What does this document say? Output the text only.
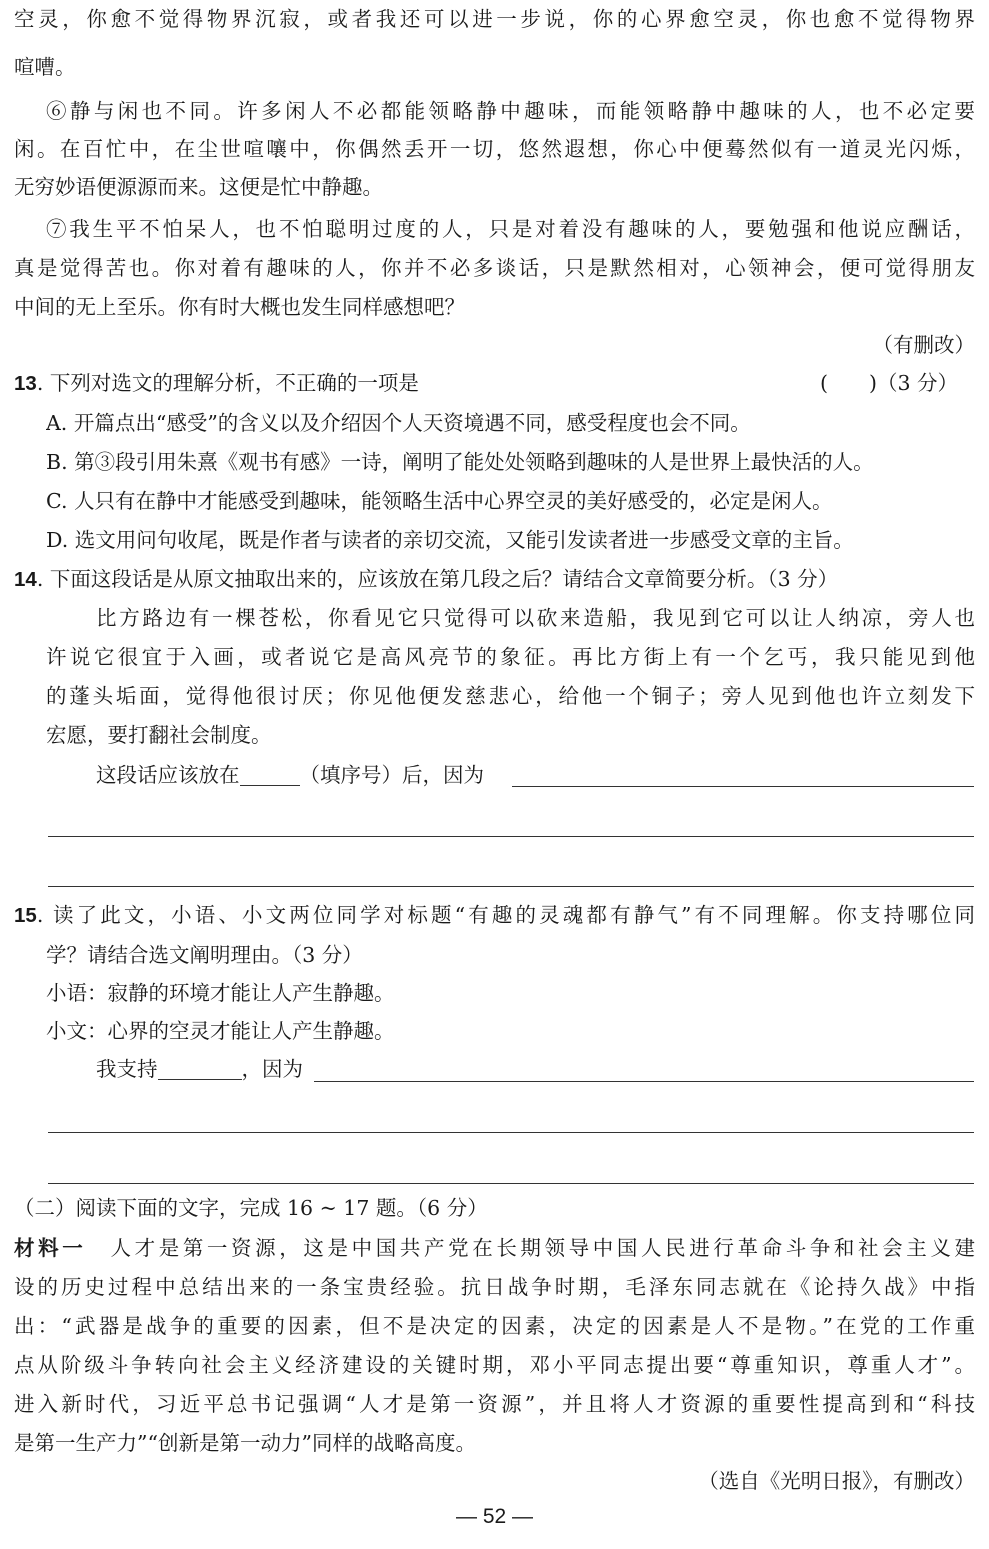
空灵，你愈不觉得物界沉寂，或者我还可以进一步说，你的心界愈空灵，你也愈不觉得物界
喧嘈。
⑥静与闲也不同。许多闲人不必都能领略静中趣味，而能领略静中趣味的人，也不必定要
闲。在百忙中，在尘世喧嚷中，你偶然丢开一切，悠然遐想，你心中便蓦然似有一道灵光闪烁，
无穷妙语便源源而来。这便是忙中静趣。
⑦我生平不怕呆人，也不怕聪明过度的人，只是对着没有趣味的人，要勉强和他说应酬话，
真是觉得苦也。你对着有趣味的人，你并不必多谈话，只是默然相对，心领神会，便可觉得朋友
中间的无上至乐。你有时大概也发生同样感想吧？
（有删改）
13. 下列对选文的理解分析，不正确的一项是	(　　)（3 分）
A. 开篇点出“感受”的含义以及介绍因个人天资境遇不同，感受程度也会不同。
B. 第③段引用朱熹《观书有感》一诗，阐明了能处处领略到趣味的人是世界上最快活的人。
C. 人只有在静中才能感受到趣味，能领略生活中心界空灵的美好感受的，必定是闲人。
D. 选文用问句收尾，既是作者与读者的亲切交流，又能引发读者进一步感受文章的主旨。
14. 下面这段话是从原文抽取出来的，应该放在第几段之后？请结合文章简要分析。（3 分）
比方路边有一棵苍松，你看见它只觉得可以砍来造船，我见到它可以让人纳凉，旁人也
许说它很宜于入画，或者说它是高风亮节的象征。再比方街上有一个乞丐，我只能见到他
的蓬头垢面，觉得他很讨厌；你见他便发慈悲心，给他一个铜子；旁人见到他也许立刻发下
宏愿，要打翻社会制度。
这段话应该放在	（填序号）后，因为
15. 读了此文，小语、小文两位同学对标题“有趣的灵魂都有静气”有不同理解。你支持哪位同
学？请结合选文阐明理由。（3 分）
小语：寂静的环境才能让人产生静趣。
小文：心界的空灵才能让人产生静趣。
我支持	，因为
（二）阅读下面的文字，完成 16 ~ 17 题。（6 分）
材料一　人才是第一资源，这是中国共产党在长期领导中国人民进行革命斗争和社会主义建
设的历史过程中总结出来的一条宝贵经验。抗日战争时期，毛泽东同志就在《论持久战》中指
出：“武器是战争的重要的因素，但不是决定的因素，决定的因素是人不是物。”在党的工作重
点从阶级斗争转向社会主义经济建设的关键时期，邓小平同志提出要“尊重知识，尊重人才”。
进入新时代，习近平总书记强调“人才是第一资源”，并且将人才资源的重要性提高到和“科技
是第一生产力”“创新是第一动力”同样的战略高度。
（选自《光明日报》，有删改）
— 52 —
